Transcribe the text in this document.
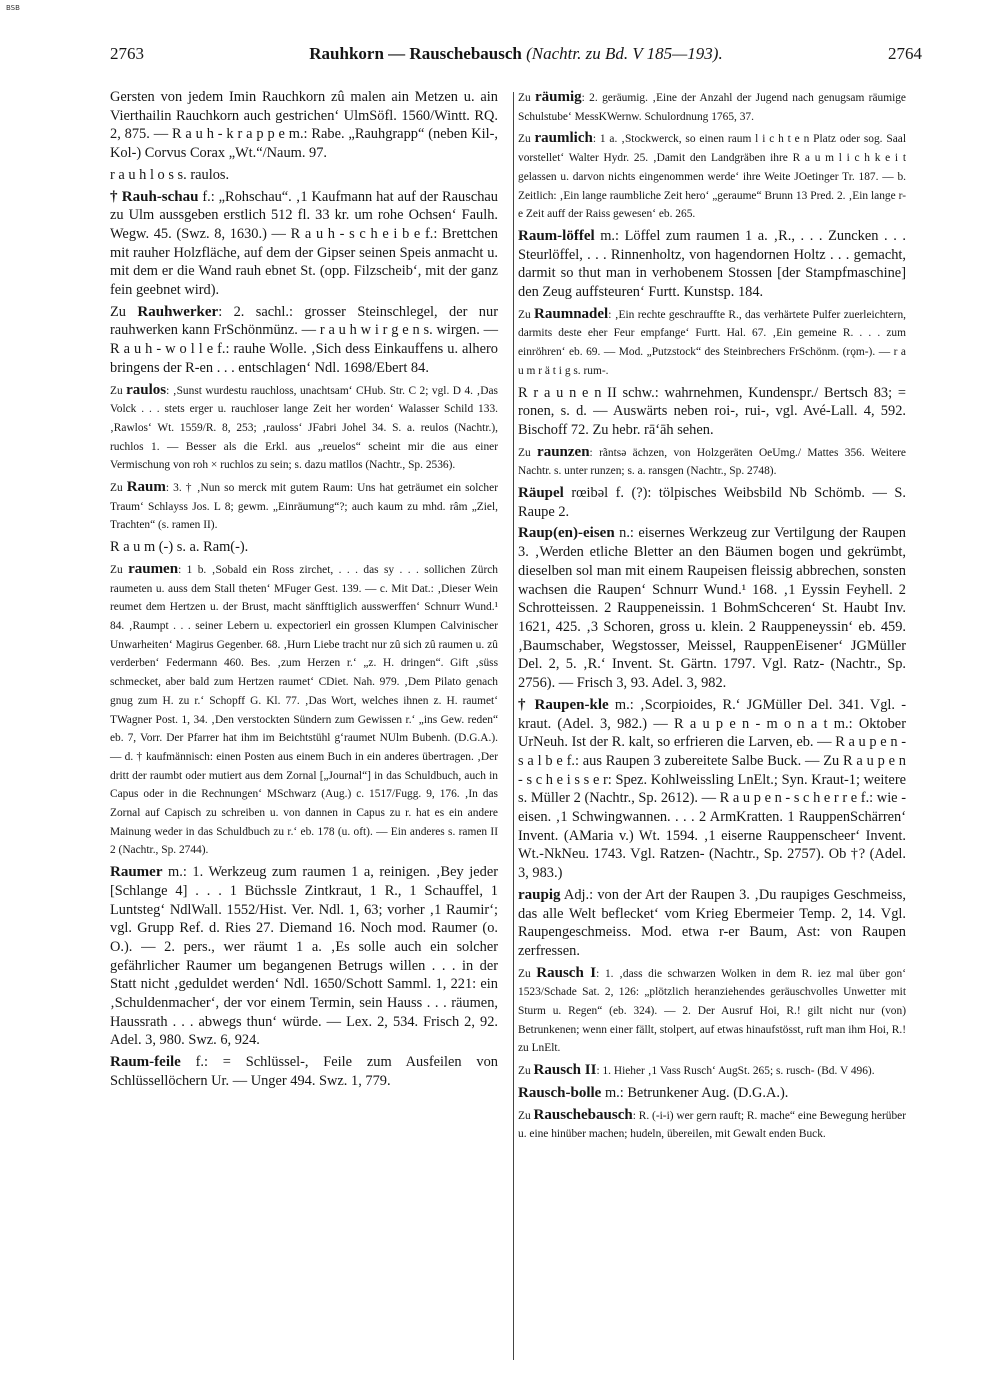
BSB
2763	Rauhkorn — Rauschebausch (Nachtr. zu Bd. V 185—193).	2764

Gersten von jedem Imin Rauchkorn zû malen ain Metzen u. ain Vierthailin Rauchkorn auch gestrichen‘ UlmSöfl. 1560/Wintt. RQ. 2, 875. — R a u h - k r a p p e m.: Rabe. „Rauhgrapp“ (neben Kil-, Kol-) Corvus Corax „Wt.“/Naum. 97.

r a u h l o s s. raulos.

† Rauh-schau f.: „Rohschau“. ‚1 Kaufmann hat auf der Rauschau zu Ulm aussgeben erstlich 512 fl. 33 kr. um rohe Ochsen‘ Faulh. Wegw. 45. (Swz. 8, 1630.) — R a u h - s c h e i b e f.: Brettchen mit rauher Holzfläche, auf dem der Gipser seinen Speis anmacht u. mit dem er die Wand rauh ebnet St. (opp. Filzscheib‘, mit der ganz fein geebnet wird).

Zu Rauhwerker: 2. sachl.: grosser Steinschlegel, der nur rauhwerken kann FrSchönmünz. — r a u h w i r g e n s. wirgen. — R a u h - w o l l e f.: rauhe Wolle. ‚Sich dess Einkauffens u. alhero bringens der R-en . . . entschlagen‘ Ndl. 1698/Ebert 84.

Zu raulos: ‚Sunst wurdestu rauchloss, unachtsam‘ CHub. Str. C 2; vgl. D 4. ‚Das Volck . . . stets erger u. rauchloser lange Zeit her worden‘ Walasser Schild 133. ‚Rawlos‘ Wt. 1559/R. 8, 253; ‚rauloss‘ JFabri Johel 34. S. a. reulos (Nachtr.), ruchlos 1. — Besser als die Erkl. aus „reuelos“ scheint mir die aus einer Vermischung von roh × ruchlos zu sein; s. dazu matllos (Nachtr., Sp. 2536).

Zu Raum: 3. † ‚Nun so merck mit gutem Raum: Uns hat geträumet ein solcher Traum‘ Schlayss Jos. L 8; gewm. „Einräumung“?; auch kaum zu mhd. râm „Ziel, Trachten“ (s. ramen II).

R a u m (-) s. a. Ram(-).

Zu raumen: 1 b. ‚Sobald ein Ross zirchet, . . . das sy . . . sollichen Zürch raumeten u. auss dem Stall theten‘ MFuger Gest. 139. — c. Mit Dat.: ‚Dieser Wein reumet dem Hertzen u. der Brust, macht sänfftiglich ausswerffen‘ Schnurr Wund.¹ 84. ‚Raumpt . . . seiner Lebern u. expectorierl ein grossen Klumpen Calvinischer Unwarheiten‘ Magirus Gegenber. 68. ‚Hurn Liebe tracht nur zû sich zû raumen u. zû verderben‘ Federmann 460. Bes. ‚zum Herzen r.‘ „z. H. dringen“. Gift ‚süss schmecket, aber bald zum Hertzen raumet‘ CDiet. Nah. 979. ‚Dem Pilato genach gnug zum H. zu r.‘ Schopff G. Kl. 77. ‚Das Wort, welches ihnen z. H. raumet‘ TWagner Post. 1, 34. ‚Den verstockten Sündern zum Gewissen r.‘ „ins Gew. reden“ eb. 7, Vorr. Der Pfarrer hat ihm im Beichtstühl g‘raumet NUlm Bubenh. (D.G.A.). — d. † kaufmännisch: einen Posten aus einem Buch in ein anderes übertragen. ‚Der dritt der raumbt oder mutiert aus dem Zornal [„Journal“] in das Schuldbuch, auch in Capus oder in die Rechnungen‘ MSchwarz (Aug.) c. 1517/Fugg. 9, 176. ‚In das Zornal auf Capisch zu schreiben u. von dannen in Capus zu r. hat es ein andere Mainung weder in das Schuldbuch zu r.‘ eb. 178 (u. oft). — Ein anderes s. ramen II 2 (Nachtr., Sp. 2744).

Raumer m.: 1. Werkzeug zum raumen 1 a, reinigen. ‚Bey jeder [Schlange 4] . . . 1 Büchssle Zintkraut, 1 R., 1 Schauffel, 1 Luntsteg‘ NdlWall. 1552/Hist. Ver. Ndl. 1, 63; vorher ‚1 Raumir‘; vgl. Grupp Ref. d. Ries 27. Diemand 16. Noch mod. Raumer (o. O.). — 2. pers., wer räumt 1 a. ‚Es solle auch ein solcher gefährlicher Raumer um begangenen Betrugs willen . . . in der Statt nicht ‚geduldet werden‘ Ndl. 1650/Schott Samml. 1, 221: ein ‚Schuldenmacher‘, der vor einem Termin, sein Hauss . . . räumen, Haussrath . . . abwegs thun‘ würde. — Lex. 2, 534. Frisch 2, 92. Adel. 3, 980. Swz. 6, 924.

Raum-feile f.: = Schlüssel-, Feile zum Ausfeilen von Schlüssellöchern Ur. — Unger 494. Swz. 1, 779.

Zu räumig: 2. geräumig. ‚Eine der Anzahl der Jugend nach genugsam räumige Schulstube‘ MessKWernw. Schulordnung 1765, 37.

Zu raumlich: 1 a. ‚Stockwerck, so einen raum l i c h t e n Platz oder sog. Saal vorstellet‘ Walter Hydr. 25. ‚Damit den Landgräben ihre R a u m l i c h k e i t gelassen u. darvon nichts eingenommen werde‘ ihre Weite JOetinger Tr. 187. — b. Zeitlich: ‚Ein lange raumbliche Zeit hero‘ „geraume“ Brunn 13 Pred. 2. ‚Ein lange r-e Zeit auff der Raiss gewesen‘ eb. 265.

Raum-löffel m.: Löffel zum raumen 1 a. ‚R., . . . Zuncken . . . Steurlöffel, . . . Rinnenholtz, von hagendornen Holtz . . . gemacht, darmit so thut man in verhobenem Stossen [der Stampfmaschine] den Zeug auffsteuren‘ Furtt. Kunstsp. 184.

Zu Raumnadel: ‚Ein rechte geschrauffte R., das verhärtete Pulfer zuerleichtern, darmits deste eher Feur empfange‘ Furtt. Hal. 67. ‚Ein gemeine R. . . . zum einröhren‘ eb. 69. — Mod. „Putzstock“ des Steinbrechers FrSchönm. (rǫm-). — r a u m r ä t i g s. rum-.

R r a u n e n II schw.: wahrnehmen, Kundenspr./ Bertsch 83; = ronen, s. d. — Auswärts neben roi-, rui-, vgl. Avé-Lall. 4, 592. Bischoff 72. Zu hebr. rā‘āh sehen.

Zu raunzen: rãntsə ächzen, von Holzgeräten OeUmg./ Mattes 356. Weitere Nachtr. s. unter runzen; s. a. ransgen (Nachtr., Sp. 2748).

Räupel rœibəl f. (?): tölpisches Weibsbild Nb Schömb. — S. Raupe 2.

Raup(en)-eisen n.: eisernes Werkzeug zur Vertilgung der Raupen 3. ‚Werden etliche Bletter an den Bäumen bogen und gekrümbt, dieselben sol man mit einem Raupeisen fleissig abbrechen, sonsten wachsen die Raupen‘ Schnurr Wund.¹ 168. ‚1 Eyssin Feyhell. 2 Schrotteissen. 2 Rauppeneissin. 1 BohmSchcerеn‘ St. Haubt Inv. 1621, 425. ‚3 Schoren, gross u. klein. 2 Rauppeneyssin‘ eb. 459. ‚Baumschaber, Wegstosser, Meissel, RauppenEisener‘ JGMüller Del. 2, 5. ‚R.‘ Invent. St. Gärtn. 1797. Vgl. Ratz- (Nachtr., Sp. 2756). — Frisch 3, 93. Adel. 3, 982.

† Raupen-kle m.: ‚Scorpioides, R.‘ JGMüller Del. 341. Vgl. -kraut. (Adel. 3, 982.) — R a u p e n - m o n a t m.: Oktober UrNeuh. Ist der R. kalt, so erfrieren die Larven, eb. — R a u p e n - s a l b e f.: aus Raupen 3 zubereitete Salbe Buck. — Zu R a u p e n - s c h e i s s e r: Spez. Kohlweissling LnElt.; Syn. Kraut-1; weitere s. Müller 2 (Nachtr., Sp. 2612). — R a u p e n - s c h e r r e f.: wie -eisen. ‚1 Schwingwannen. . . . 2 ArmKratten. 1 RauppenSchärren‘ Invent. (AMaria v.) Wt. 1594. ‚1 eiserne Rauppenscheer‘ Invent. Wt.-NkNeu. 1743. Vgl. Ratzen- (Nachtr., Sp. 2757). Ob †? (Adel. 3, 983.)

raupig Adj.: von der Art der Raupen 3. ‚Du raupiges Geschmeiss, das alle Welt beflecket‘ vom Krieg Ebermeier Temp. 2, 14. Vgl. Raupengeschmeiss. Mod. etwa r-er Baum, Ast: von Raupen zerfressen.

Zu Rausch I: 1. ‚dass die schwarzen Wolken in dem R. iez mal über gon‘ 1523/Schade Sat. 2, 126: „plötzlich heranziehendes geräuschvolles Unwetter mit Sturm u. Regen“ (eb. 324). — 2. Der Ausruf Hoi, R.! gilt nicht nur (von) Betrunkenen; wenn einer fällt, stolpert, auf etwas hinaufstösst, ruft man ihm Hoi, R.! zu LnElt.

Zu Rausch II: 1. Hieher ‚1 Vass Rusch‘ AugSt. 265; s. rusch- (Bd. V 496).

Rausch-bolle m.: Betrunkener Aug. (D.G.A.).

Zu Rauschebausch: R. (-i-i) wer gern rauft; R. mache“ eine Bewegung herüber u. eine hinüber machen; hudeln, übereilen, mit Gewalt enden Buck.
